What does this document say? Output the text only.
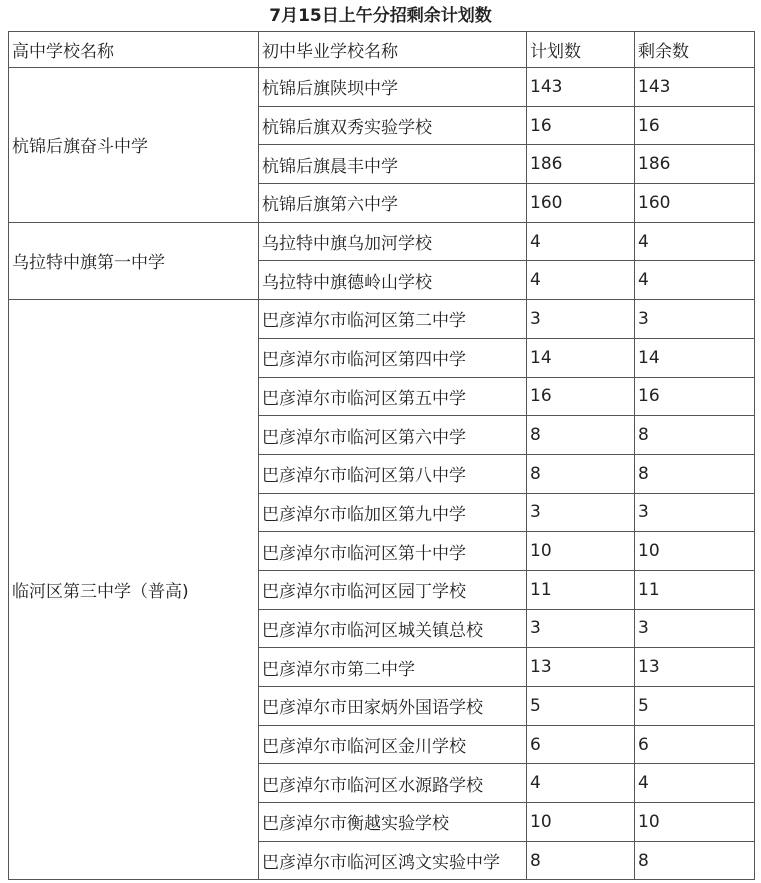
7月15日上午分招剩余计划数
高中学校名称	初中毕业学校名称	计划数	剩余数
杭锦后旗奋斗中学	杭锦后旗陕坝中学	143	143
	杭锦后旗双秀实验学校	16	16
	杭锦后旗晨丰中学	186	186
	杭锦后旗第六中学	160	160
乌拉特中旗第一中学	乌拉特中旗乌加河学校	4	4
	乌拉特中旗德岭山学校	4	4
临河区第三中学（普高)	巴彦淖尔市临河区第二中学	3	3
	巴彦淖尔市临河区第四中学	14	14
	巴彦淖尔市临河区第五中学	16	16
	巴彦淖尔市临河区第六中学	8	8
	巴彦淖尔市临河区第八中学	8	8
	巴彦淖尔市临加区第九中学	3	3
	巴彦淖尔市临河区第十中学	10	10
	巴彦淖尔市临河区园丁学校	11	11
	巴彦淖尔市临河区城关镇总校	3	3
	巴彦淖尔市第二中学	13	13
	巴彦淖尔市田家炳外国语学校	5	5
	巴彦淖尔市临河区金川学校	6	6
	巴彦淖尔市临河区水源路学校	4	4
	巴彦淖尔市衡越实验学校	10	10
	巴彦淖尔市临河区鸿文实验中学	8	8
